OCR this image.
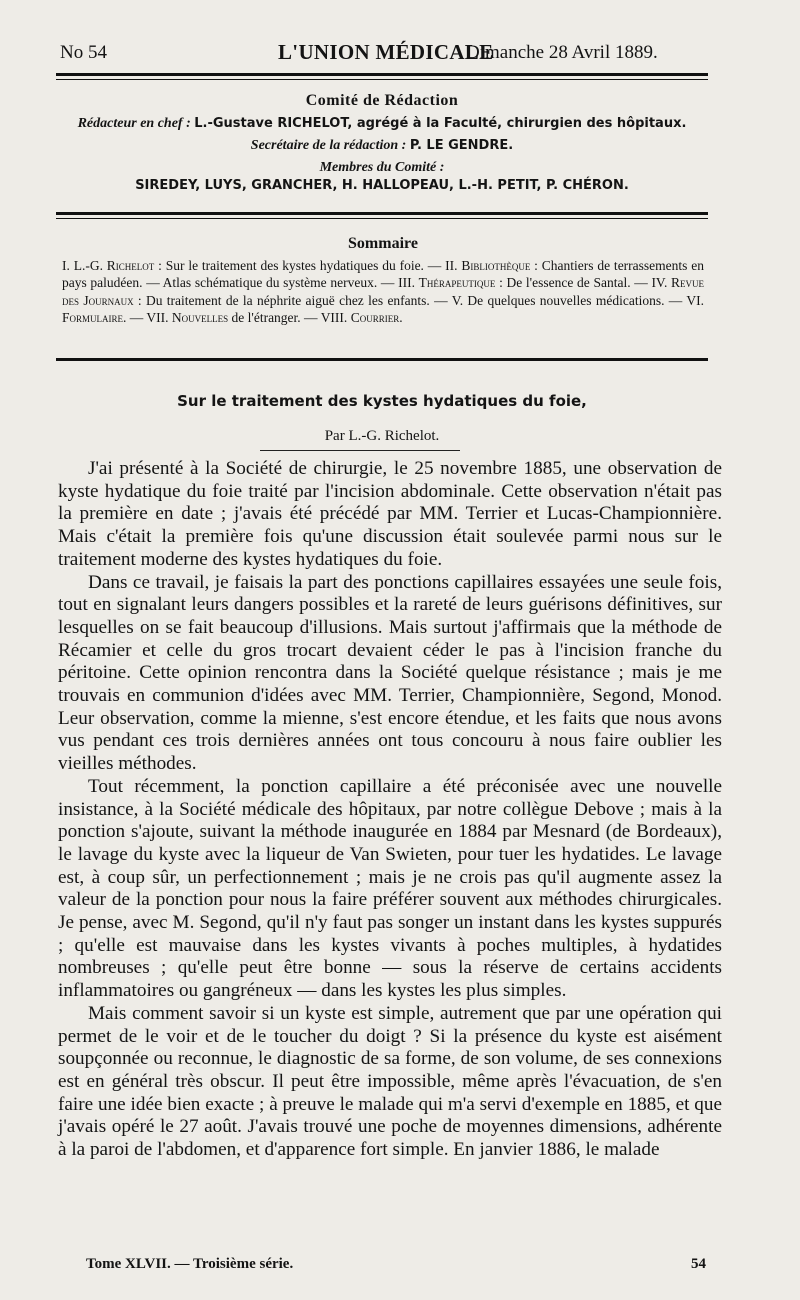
No 54	L'UNION MÉDICALE
Dimanche 28 Avril 1889.
Comité de Rédaction
Rédacteur en chef : L.-Gustave RICHELOT, agrégé à la Faculté, chirurgien des hôpitaux.
Secrétaire de la rédaction : P. LE GENDRE.
Membres du Comité :
SIREDEY, LUYS, GRANCHER, H. HALLOPEAU, L.-H. PETIT, P. CHÉRON.
Sommaire
I. L.-G. Richelot : Sur le traitement des kystes hydatiques du foie. — II. Bibliothèque : Chantiers de terrassements en pays paludéen. — Atlas schématique du système nerveux. — III. Thérapeutique : De l'essence de Santal. — IV. Revue des Journaux : Du traitement de la néphrite aiguë chez les enfants. — V. De quelques nouvelles médications. — VI. Formulaire. — VII. Nouvelles de l'étranger. — VIII. Courrier.
Sur le traitement des kystes hydatiques du foie,
Par L.-G. Richelot.

J'ai présenté à la Société de chirurgie, le 25 novembre 1885, une observation de kyste hydatique du foie traité par l'incision abdominale. Cette observation n'était pas la première en date ; j'avais été précédé par MM. Terrier et Lucas-Championnière. Mais c'était la première fois qu'une discussion était soulevée parmi nous sur le traitement moderne des kystes hydatiques du foie.

Dans ce travail, je faisais la part des ponctions capillaires essayées une seule fois, tout en signalant leurs dangers possibles et la rareté de leurs guérisons définitives, sur lesquelles on se fait beaucoup d'illusions. Mais surtout j'affirmais que la méthode de Récamier et celle du gros trocart devaient céder le pas à l'incision franche du péritoine. Cette opinion rencontra dans la Société quelque résistance ; mais je me trouvais en communion d'idées avec MM. Terrier, Championnière, Segond, Monod. Leur observation, comme la mienne, s'est encore étendue, et les faits que nous avons vus pendant ces trois dernières années ont tous concouru à nous faire oublier les vieilles méthodes.

Tout récemment, la ponction capillaire a été préconisée avec une nouvelle insistance, à la Société médicale des hôpitaux, par notre collègue Debove ; mais à la ponction s'ajoute, suivant la méthode inaugurée en 1884 par Mesnard (de Bordeaux), le lavage du kyste avec la liqueur de Van Swieten, pour tuer les hydatides. Le lavage est, à coup sûr, un perfectionnement ; mais je ne crois pas qu'il augmente assez la valeur de la ponction pour nous la faire préférer souvent aux méthodes chirurgicales. Je pense, avec M. Segond, qu'il n'y faut pas songer un instant dans les kystes suppurés ; qu'elle est mauvaise dans les kystes vivants à poches multiples, à hydatides nombreuses ; qu'elle peut être bonne — sous la réserve de certains accidents inflammatoires ou gangréneux — dans les kystes les plus simples.

Mais comment savoir si un kyste est simple, autrement que par une opération qui permet de le voir et de le toucher du doigt ? Si la présence du kyste est aisément soupçonnée ou reconnue, le diagnostic de sa forme, de son volume, de ses connexions est en général très obscur. Il peut être impossible, même après l'évacuation, de s'en faire une idée bien exacte ; à preuve le malade qui m'a servi d'exemple en 1885, et que j'avais opéré le 27 août. J'avais trouvé une poche de moyennes dimensions, adhérente à la paroi de l'abdomen, et d'apparence fort simple. En janvier 1886, le malade

Tome XLVII. — Troisième série.	54
